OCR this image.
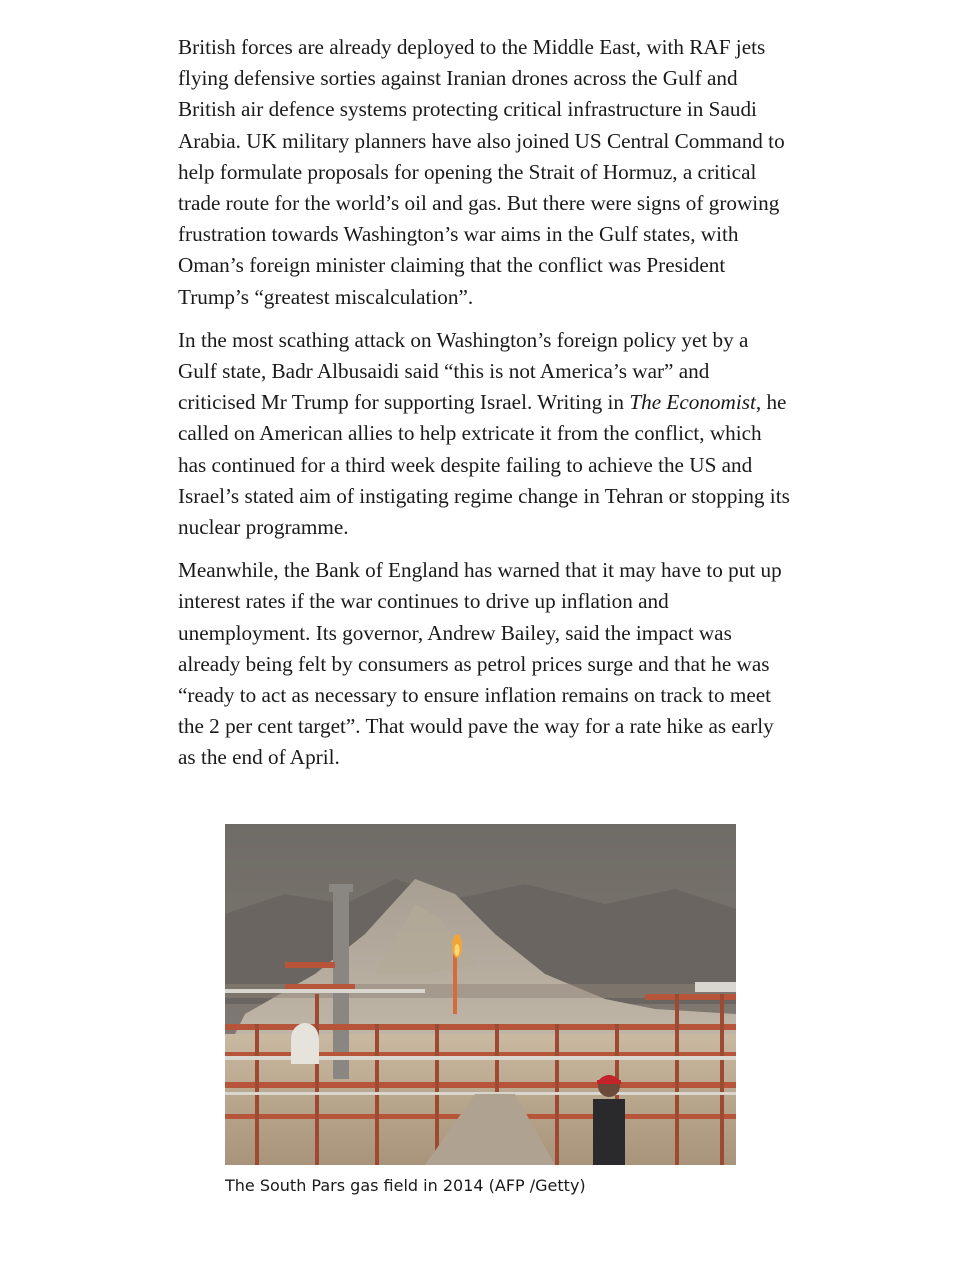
British forces are already deployed to the Middle East, with RAF jets flying defensive sorties against Iranian drones across the Gulf and British air defence systems protecting critical infrastructure in Saudi Arabia. UK military planners have also joined US Central Command to help formulate proposals for opening the Strait of Hormuz, a critical trade route for the world’s oil and gas. But there were signs of growing frustration towards Washington’s war aims in the Gulf states, with Oman’s foreign minister claiming that the conflict was President Trump’s “greatest miscalculation”.

In the most scathing attack on Washington’s foreign policy yet by a Gulf state, Badr Albusaidi said “this is not America’s war” and criticised Mr Trump for supporting Israel. Writing in The Economist, he called on American allies to help extricate it from the conflict, which has continued for a third week despite failing to achieve the US and Israel’s stated aim of instigating regime change in Tehran or stopping its nuclear programme.

Meanwhile, the Bank of England has warned that it may have to put up interest rates if the war continues to drive up inflation and unemployment. Its governor, Andrew Bailey, said the impact was already being felt by consumers as petrol prices surge and that he was “ready to act as necessary to ensure inflation remains on track to meet the 2 per cent target”. That would pave the way for a rate hike as early as the end of April.

The South Pars gas field in 2014 (AFP /Getty)
